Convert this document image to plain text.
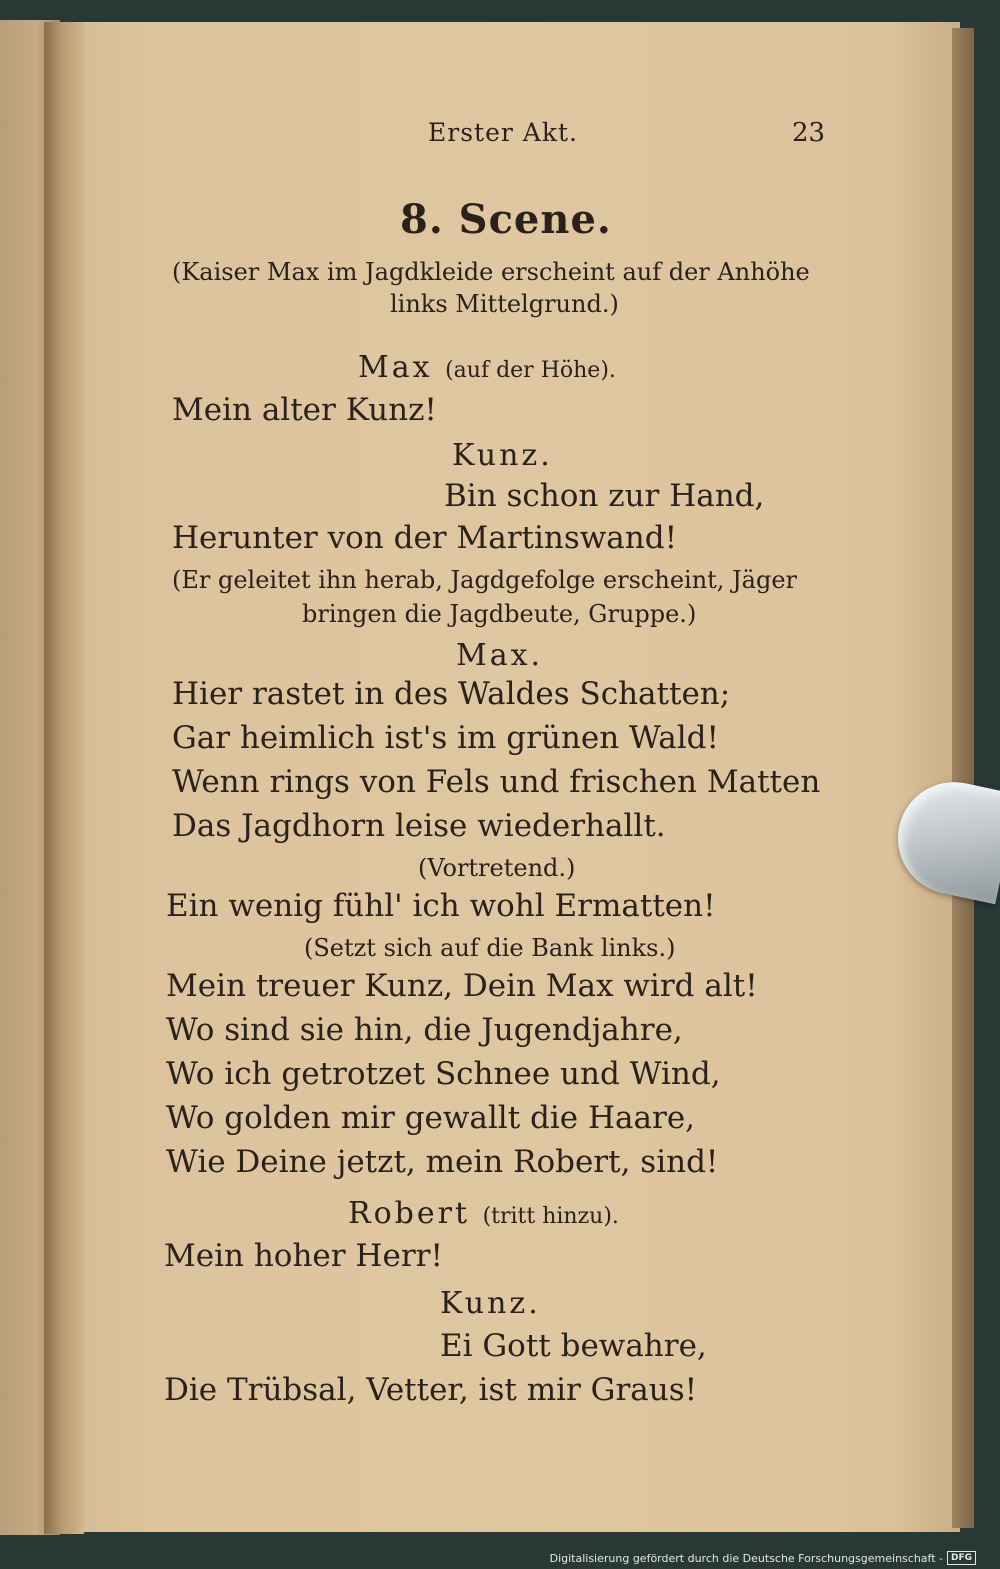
Erster Akt.	23
8. Scene.
(Kaiser Max im Jagdkleide erscheint auf der Anhöhe
links Mittelgrund.)
Max (auf der Höhe).
Mein alter Kunz!
Kunz.
Bin schon zur Hand,
Herunter von der Martinswand!
(Er geleitet ihn herab, Jagdgefolge erscheint, Jäger
bringen die Jagdbeute, Gruppe.)
Max.
Hier rastet in des Waldes Schatten;
Gar heimlich ist's im grünen Wald!
Wenn rings von Fels und frischen Matten
Das Jagdhorn leise wiederhallt.
(Vortretend.)
Ein wenig fühl' ich wohl Ermatten!
(Setzt sich auf die Bank links.)
Mein treuer Kunz, Dein Max wird alt!
Wo sind sie hin, die Jugendjahre,
Wo ich getrotzet Schnee und Wind,
Wo golden mir gewallt die Haare,
Wie Deine jetzt, mein Robert, sind!
Robert (tritt hinzu).
Mein hoher Herr!
Kunz.
Ei Gott bewahre,
Die Trübsal, Vetter, ist mir Graus!
Digitalisierung gefördert durch die Deutsche Forschungsgemeinschaft - DFG
